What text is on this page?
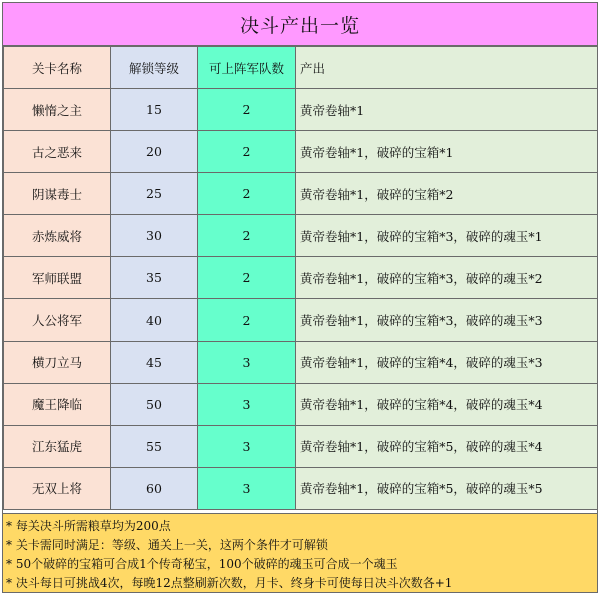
决斗产出一览
关卡名称	解锁等级	可上阵军队数	产出
懒惰之主	15	2	黄帝卷轴*1
古之恶来	20	2	黄帝卷轴*1，破碎的宝箱*1
阴谋毒士	25	2	黄帝卷轴*1，破碎的宝箱*2
赤炼威将	30	2	黄帝卷轴*1，破碎的宝箱*3，破碎的魂玉*1
军师联盟	35	2	黄帝卷轴*1，破碎的宝箱*3，破碎的魂玉*2
人公将军	40	2	黄帝卷轴*1，破碎的宝箱*3，破碎的魂玉*3
横刀立马	45	3	黄帝卷轴*1，破碎的宝箱*4，破碎的魂玉*3
魔王降临	50	3	黄帝卷轴*1，破碎的宝箱*4，破碎的魂玉*4
江东猛虎	55	3	黄帝卷轴*1，破碎的宝箱*5，破碎的魂玉*4
无双上将	60	3	黄帝卷轴*1，破碎的宝箱*5，破碎的魂玉*5
* 每关决斗所需粮草均为200点
* 关卡需同时满足：等级、通关上一关，这两个条件才可解锁
* 50个破碎的宝箱可合成1个传奇秘宝，100个破碎的魂玉可合成一个魂玉
* 决斗每日可挑战4次，每晚12点整刷新次数，月卡、终身卡可使每日决斗次数各+1
